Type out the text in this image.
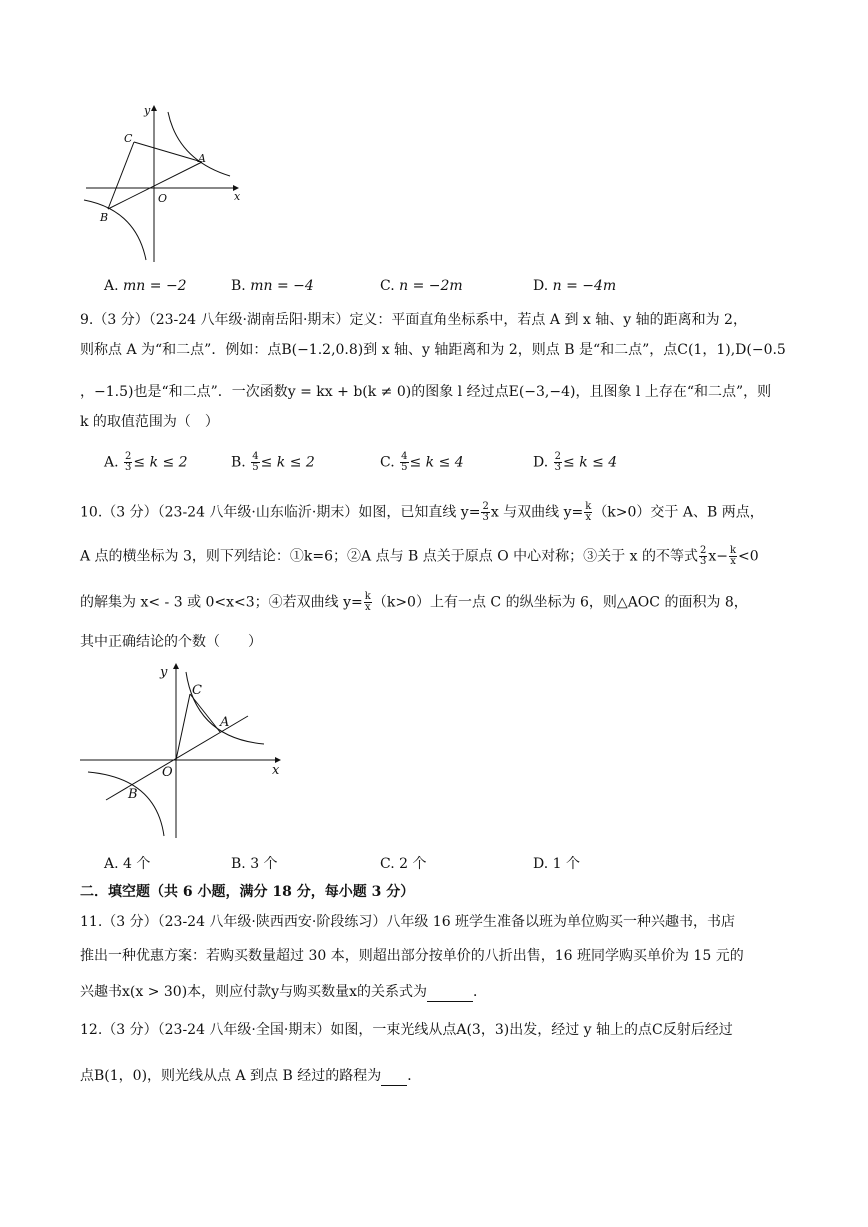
y
x
O
A
B
C
A. mn = −2	B. mn = −4	C. n = −2m	D. n = −4m
9.（3 分）（23-24 八年级·湖南岳阳·期末）定义：平面直角坐标系中，若点 A 到 x 轴、y 轴的距离和为 2，
则称点 A 为“和二点”．例如：点B(−1.2,0.8)到 x 轴、y 轴距离和为 2，则点 B 是“和二点”，点C(1，1),D(−0.5
，−1.5)也是“和二点”．一次函数y = kx + b(k ≠ 0)的图象 l 经过点E(−3,−4)，且图象 l 上存在“和二点”，则
k 的取值范围为（　）
A. $\frac{2}{3} \le k \le 2$	B. $\frac{4}{5} \le k \le 2$	C. $\frac{4}{5} \le k \le 4$	D. $\frac{2}{3} \le k \le 4$
10.（3 分）（23-24 八年级·山东临沂·期末）如图，已知直线 $y= \frac{2}{3}$ x 与双曲线 $y= \frac{k}{x} (k>0)$交于 A、B 两点，
A 点的横坐标为 3，则下列结论：①k=6；②A 点与 B 点关于原点 O 中心对称；③关于 x 的不等式 $\frac{2}{3} x- \frac{k}{x} <0$
的解集为 x< - 3 或 0<x<3；④若双曲线 $y= \frac{k}{x} (k>0)$上有一点 C 的纵坐标为 6，则△AOC 的面积为 8，
其中正确结论的个数（　　）
y
x
O
A
B
C
A. 4 个	B. 3 个	C. 2 个	D. 1 个
二．填空题（共 6 小题，满分 18 分，每小题 3 分）
11.（3 分）（23-24 八年级·陕西西安·阶段练习）八年级 16 班学生准备以班为单位购买一种兴趣书，书店
推出一种优惠方案：若购买数量超过 30 本，则超出部分按单价的八折出售，16 班同学购买单价为 15 元的
兴趣书x(x > 30)本，则应付款y与购买数量x的关系式为	．
12.（3 分）（23-24 八年级·全国·期末）如图，一束光线从点A(3，3)出发，经过 y 轴上的点C反射后经过
点B(1，0)，则光线从点 A 到点 B 经过的路程为 ．
